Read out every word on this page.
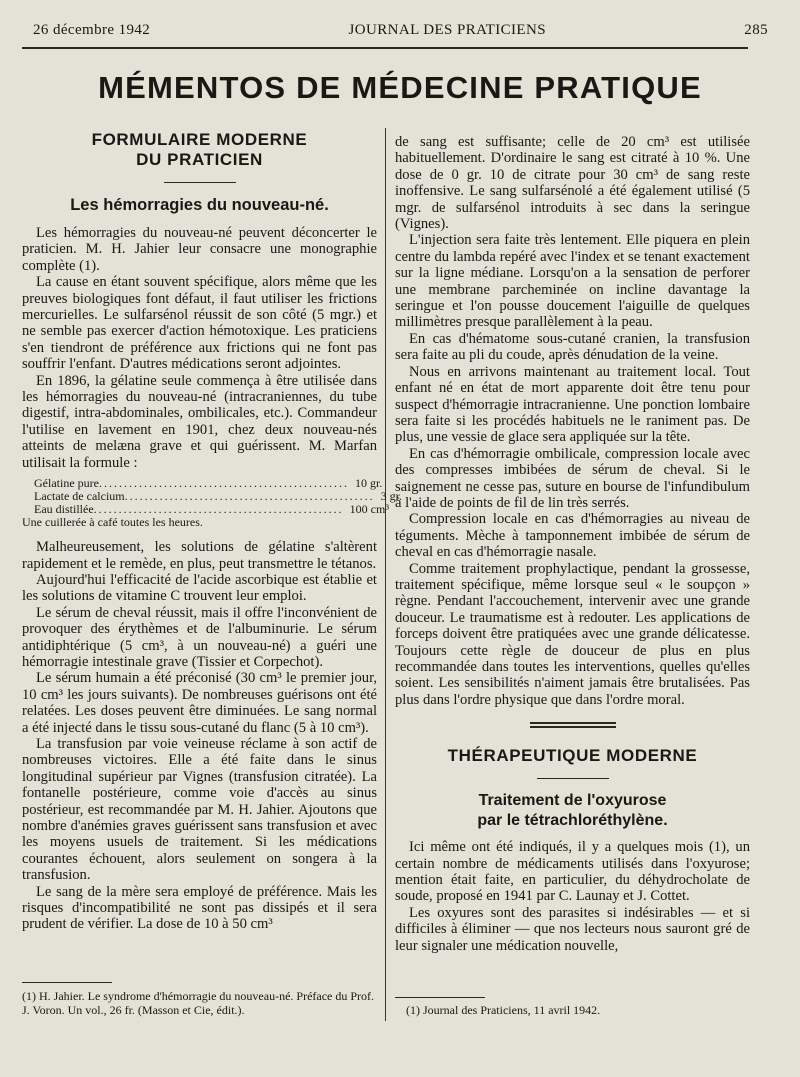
26 décembre 1942	JOURNAL DES PRATICIENS	285
MÉMENTOS DE MÉDECINE PRATIQUE
FORMULAIRE MODERNE
DU PRATICIEN
Les hémorragies du nouveau-né.

Les hémorragies du nouveau-né peuvent déconcerter le praticien. M. H. Jahier leur consacre une monographie complète (1).

La cause en étant souvent spécifique, alors même que les preuves biologiques font défaut, il faut utiliser les frictions mercurielles. Le sulfarsénol réussit de son côté (5 mgr.) et ne semble pas exercer d'action hémotoxique. Les praticiens s'en tiendront de préférence aux frictions qui ne font pas souffrir l'enfant. D'autres médications seront adjointes.

En 1896, la gélatine seule commença à être utilisée dans les hémorragies du nouveau-né (intracraniennes, du tube digestif, intra-abdominales, ombilicales, etc.). Commandeur l'utilise en lavement en 1901, chez deux nouveau-nés atteints de melæna grave et qui guérissent. M. Marfan utilisait la formule :

Gélatine pure .................................................. 10 gr.
Lactate de calcium .................................................. 3 gr.
Eau distillée .................................................. 100 cm³
Une cuillerée à café toutes les heures.

Malheureusement, les solutions de gélatine s'altèrent rapidement et le remède, en plus, peut transmettre le tétanos.

Aujourd'hui l'efficacité de l'acide ascorbique est établie et les solutions de vitamine C trouvent leur emploi.

Le sérum de cheval réussit, mais il offre l'inconvénient de provoquer des érythèmes et de l'albuminurie. Le sérum antidiphtérique (5 cm³, à un nouveau-né) a guéri une hémorragie intestinale grave (Tissier et Corpechot).

Le sérum humain a été préconisé (30 cm³ le premier jour, 10 cm³ les jours suivants). De nombreuses guérisons ont été relatées. Les doses peuvent être diminuées. Le sang normal a été injecté dans le tissu sous-cutané du flanc (5 à 10 cm³).

La transfusion par voie veineuse réclame à son actif de nombreuses victoires. Elle a été faite dans le sinus longitudinal supérieur par Vignes (transfusion citratée). La fontanelle postérieure, comme voie d'accès au sinus postérieur, est recommandée par M. H. Jahier. Ajoutons que nombre d'anémies graves guérissent sans transfusion et avec les moyens usuels de traitement. Si les médications courantes échouent, alors seulement on songera à la transfusion.

Le sang de la mère sera employé de préférence. Mais les risques d'incompatibilité ne sont pas dissipés et il sera prudent de vérifier. La dose de 10 à 50 cm³

(1) H. Jahier. Le syndrome d'hémorragie du nouveau-né. Préface du Prof. J. Voron. Un vol., 26 fr. (Masson et Cie, édit.).

de sang est suffisante; celle de 20 cm³ est utilisée habituellement. D'ordinaire le sang est citraté à 10 %. Une dose de 0 gr. 10 de citrate pour 30 cm³ de sang reste inoffensive. Le sang sulfarsénolé a été également utilisé (5 mgr. de sulfarsénol introduits à sec dans la seringue (Vignes).

L'injection sera faite très lentement. Elle piquera en plein centre du lambda repéré avec l'index et se tenant exactement sur la ligne médiane. Lorsqu'on a la sensation de perforer une membrane parcheminée on incline davantage la seringue et l'on pousse doucement l'aiguille de quelques millimètres presque parallèlement à la peau.

En cas d'hématome sous-cutané cranien, la transfusion sera faite au pli du coude, après dénudation de la veine.

Nous en arrivons maintenant au traitement local. Tout enfant né en état de mort apparente doit être tenu pour suspect d'hémorragie intracranienne. Une ponction lombaire sera faite si les procédés habituels ne le raniment pas. De plus, une vessie de glace sera appliquée sur la tête.

En cas d'hémorragie ombilicale, compression locale avec des compresses imbibées de sérum de cheval. Si le saignement ne cesse pas, suture en bourse de l'infundibulum à l'aide de points de fil de lin très serrés.

Compression locale en cas d'hémorragies au niveau de téguments. Mèche à tamponnement imbibée de sérum de cheval en cas d'hémorragie nasale.

Comme traitement prophylactique, pendant la grossesse, traitement spécifique, même lorsque seul « le soupçon » règne. Pendant l'accouchement, intervenir avec une grande douceur. Le traumatisme est à redouter. Les applications de forceps doivent être pratiquées avec une grande délicatesse. Toujours cette règle de douceur de plus en plus recommandée dans toutes les interventions, quelles qu'elles soient. Les sensibilités n'aiment jamais être brutalisées. Pas plus dans l'ordre physique que dans l'ordre moral.

THÉRAPEUTIQUE MODERNE
Traitement de l'oxyurose
par le tétrachloréthylène.

Ici même ont été indiqués, il y a quelques mois (1), un certain nombre de médicaments utilisés dans l'oxyurose; mention était faite, en particulier, du déhydrocholate de soude, proposé en 1941 par C. Launay et J. Cottet.

Les oxyures sont des parasites si indésirables — et si difficiles à éliminer — que nos lecteurs nous sauront gré de leur signaler une médication nouvelle,

(1) Journal des Praticiens, 11 avril 1942.
